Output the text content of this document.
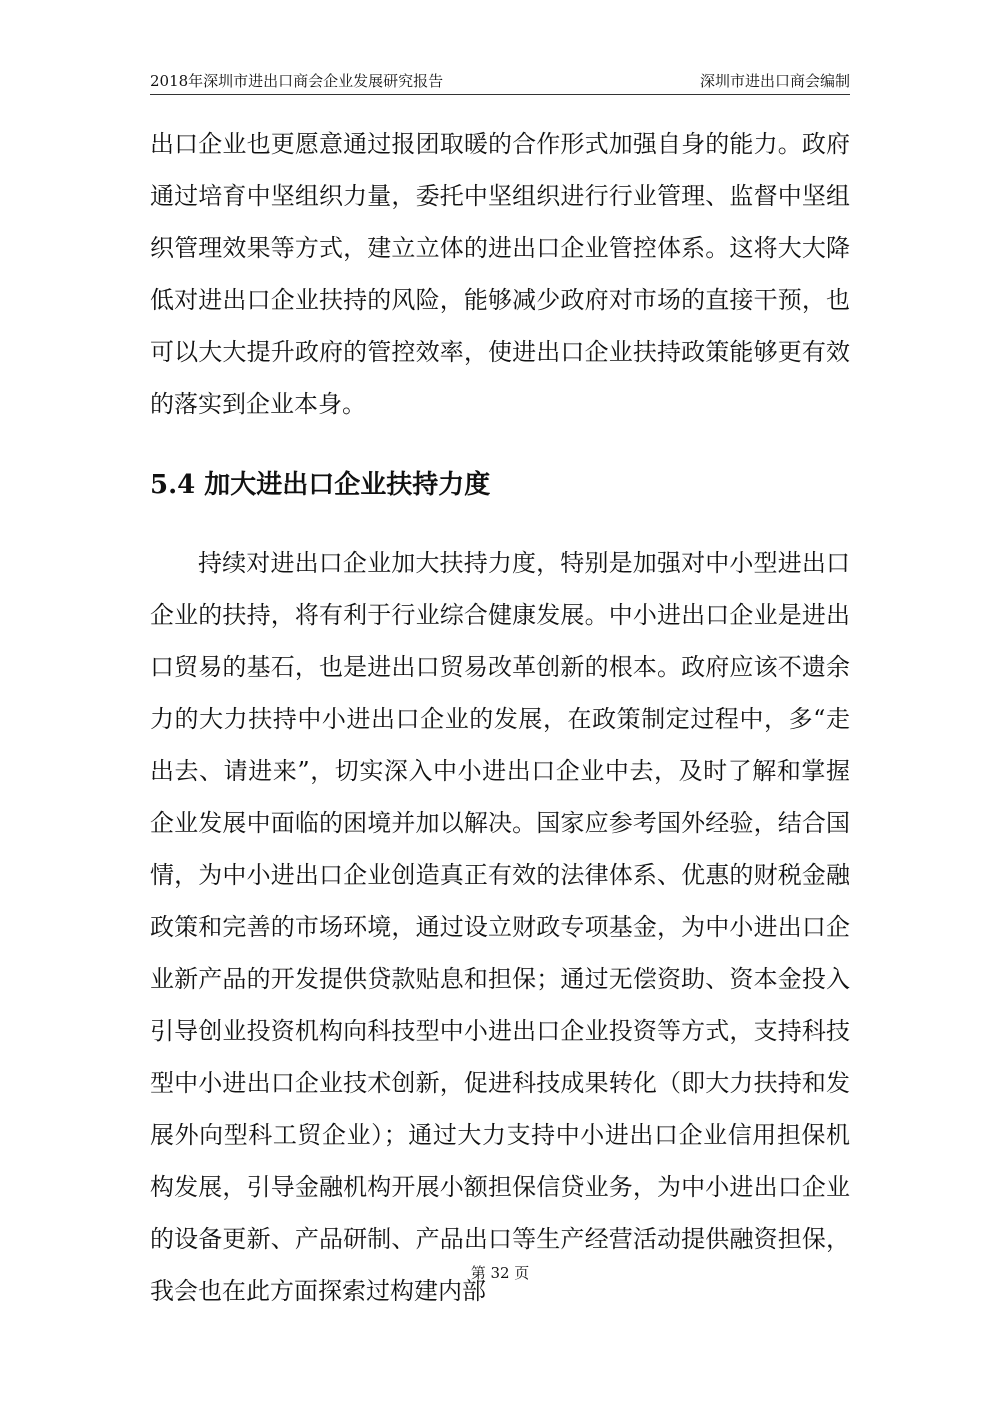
2018年深圳市进出口商会企业发展研究报告	深圳市进出口商会编制

出口企业也更愿意通过报团取暖的合作形式加强自身的能力。政府通过培育中坚组织力量，委托中坚组织进行行业管理、监督中坚组织管理效果等方式，建立立体的进出口企业管控体系。这将大大降低对进出口企业扶持的风险，能够减少政府对市场的直接干预，也可以大大提升政府的管控效率，使进出口企业扶持政策能够更有效的落实到企业本身。

5.4 加大进出口企业扶持力度

持续对进出口企业加大扶持力度，特别是加强对中小型进出口企业的扶持，将有利于行业综合健康发展。中小进出口企业是进出口贸易的基石，也是进出口贸易改革创新的根本。政府应该不遗余力的大力扶持中小进出口企业的发展，在政策制定过程中，多“走出去、请进来”，切实深入中小进出口企业中去，及时了解和掌握企业发展中面临的困境并加以解决。国家应参考国外经验，结合国情，为中小进出口企业创造真正有效的法律体系、优惠的财税金融政策和完善的市场环境，通过设立财政专项基金，为中小进出口企业新产品的开发提供贷款贴息和担保；通过无偿资助、资本金投入引导创业投资机构向科技型中小进出口企业投资等方式，支持科技型中小进出口企业技术创新，促进科技成果转化（即大力扶持和发展外向型科工贸企业）；通过大力支持中小进出口企业信用担保机构发展，引导金融机构开展小额担保信贷业务，为中小进出口企业的设备更新、产品研制、产品出口等生产经营活动提供融资担保，我会也在此方面探索过构建内部

第 32 页
